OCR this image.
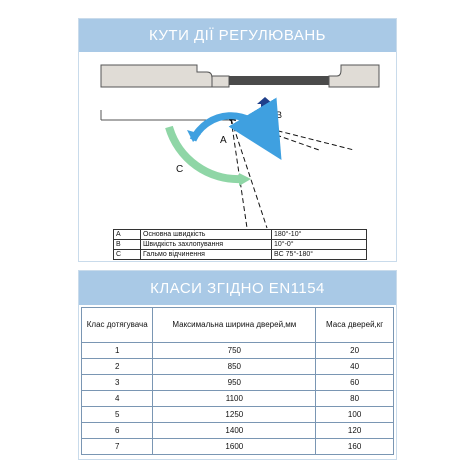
КУТИ ДІЇ РЕГУЛЮВАНЬ
B
A
C
A	Основна швидкість	180°-10°
B	Швидкість захлопування	10°-0°
C	Гальмо відчинення	BC 75°-180°
КЛАСИ ЗГІДНО EN1154
Клас дотягувача	Максимальна ширина дверей,мм	Маса дверей,кг
1	750	20
2	850	40
3	950	60
4	1100	80
5	1250	100
6	1400	120
7	1600	160
